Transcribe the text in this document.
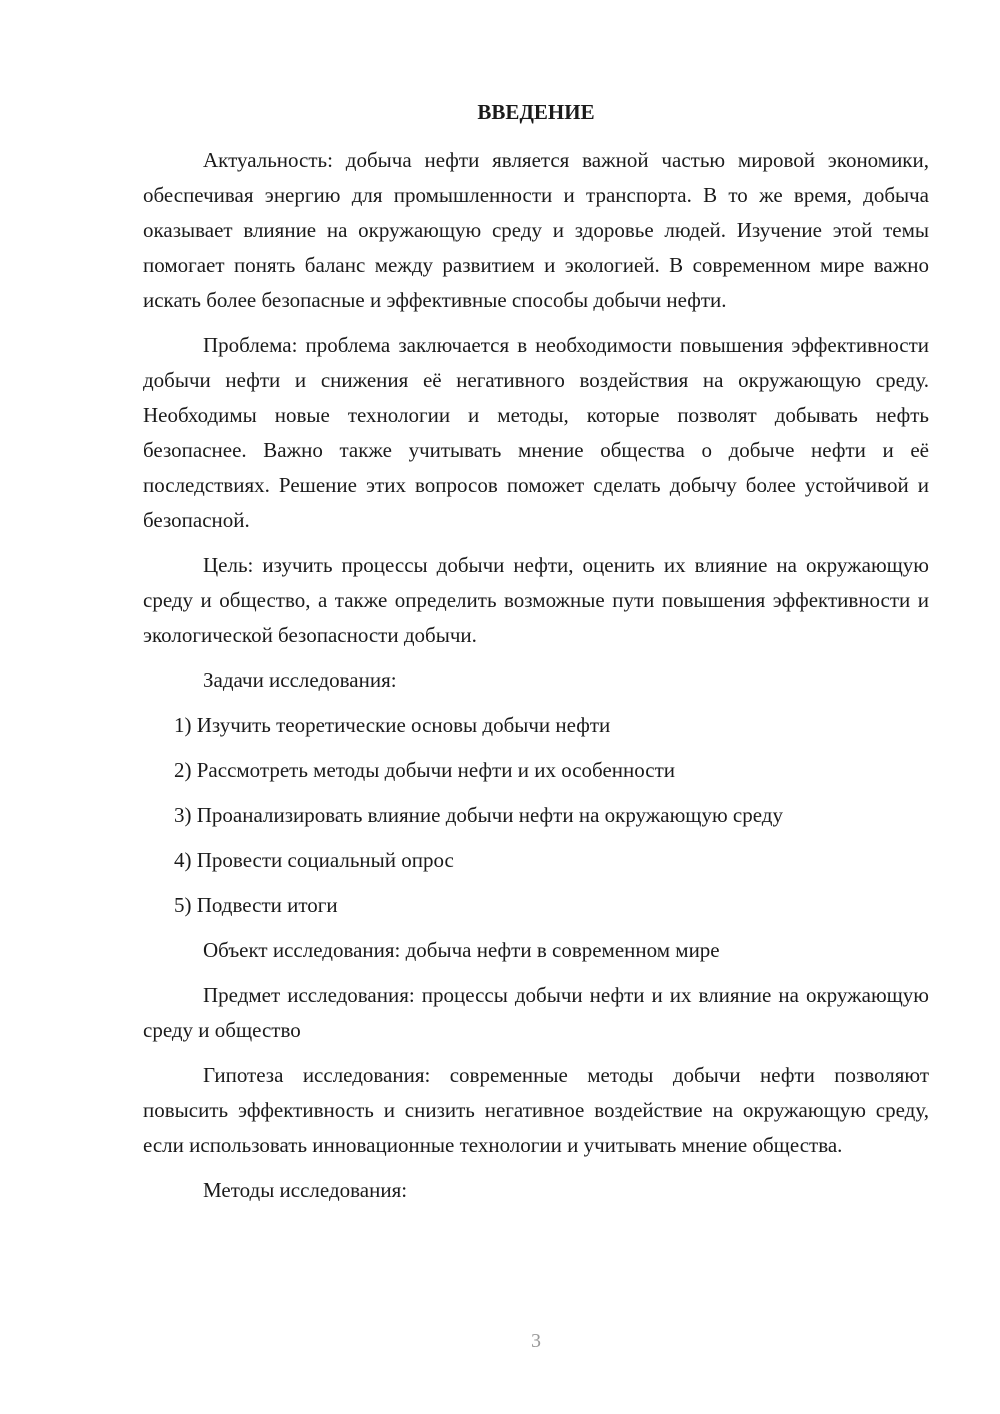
ВВЕДЕНИЕ

Актуальность: добыча нефти является важной частью мировой экономики, обеспечивая энергию для промышленности и транспорта. В то же время, добыча оказывает влияние на окружающую среду и здоровье людей. Изучение этой темы помогает понять баланс между развитием и экологией. В современном мире важно искать более безопасные и эффективные способы добычи нефти.

Проблема: проблема заключается в необходимости повышения эффективности добычи нефти и снижения её негативного воздействия на окружающую среду. Необходимы новые технологии и методы, которые позволят добывать нефть безопаснее. Важно также учитывать мнение общества о добыче нефти и её последствиях. Решение этих вопросов поможет сделать добычу более устойчивой и безопасной.

Цель: изучить процессы добычи нефти, оценить их влияние на окружающую среду и общество, а также определить возможные пути повышения эффективности и экологической безопасности добычи.

Задачи исследования:

1) Изучить теоретические основы добычи нефти

2) Рассмотреть методы добычи нефти и их особенности

3) Проанализировать влияние добычи нефти на окружающую среду

4) Провести социальный опрос

5) Подвести итоги

Объект исследования: добыча нефти в современном мире

Предмет исследования: процессы добычи нефти и их влияние на окружающую среду и общество

Гипотеза исследования: современные методы добычи нефти позволяют повысить эффективность и снизить негативное воздействие на окружающую среду, если использовать инновационные технологии и учитывать мнение общества.

Методы исследования:

3
